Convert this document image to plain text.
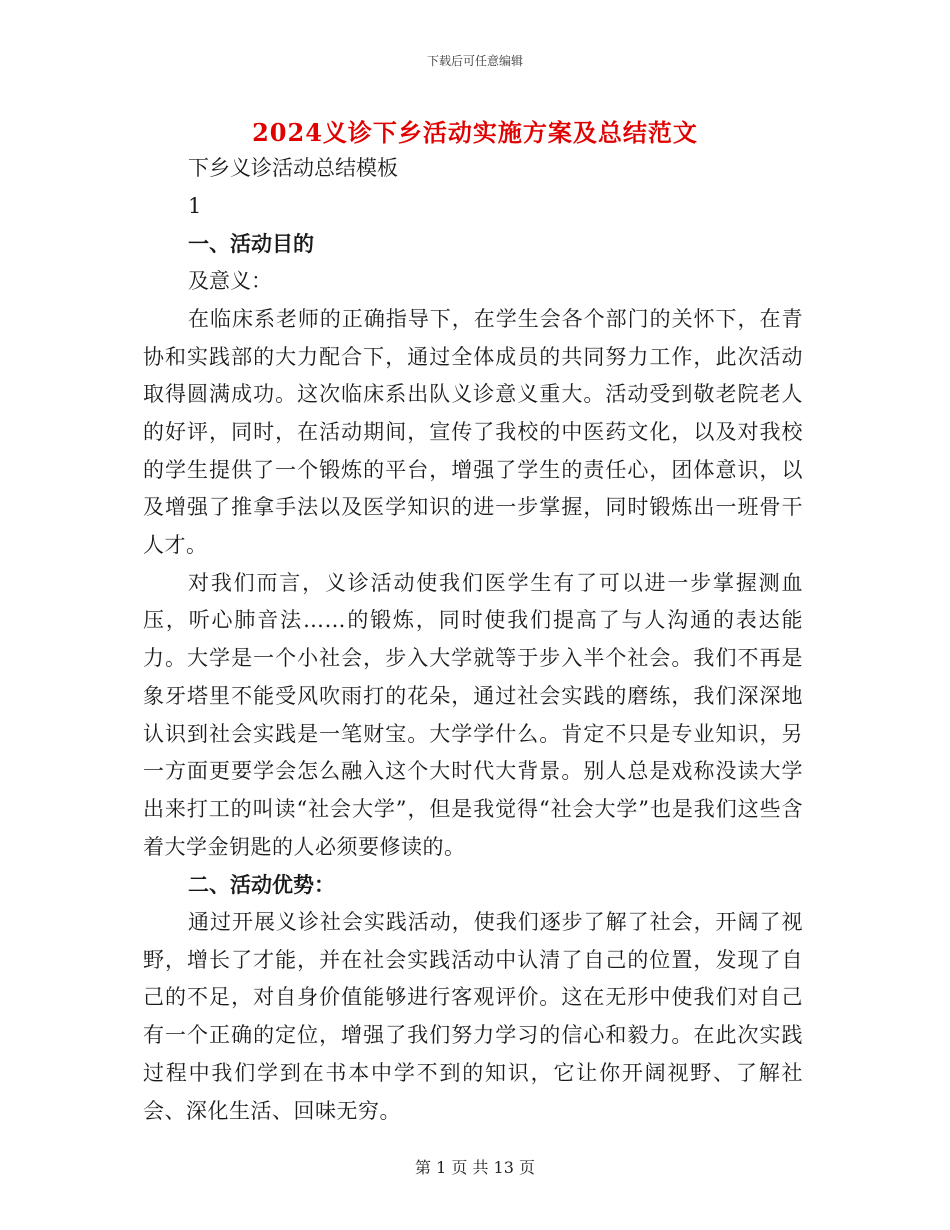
下载后可任意编辑
2024义诊下乡活动实施方案及总结范文
下乡义诊活动总结模板
1
一、活动目的
及意义：

在临床系老师的正确指导下，在学生会各个部门的关怀下，在青协和实践部的大力配合下，通过全体成员的共同努力工作，此次活动取得圆满成功。这次临床系出队义诊意义重大。活动受到敬老院老人的好评，同时，在活动期间，宣传了我校的中医药文化，以及对我校的学生提供了一个锻炼的平台，增强了学生的责任心，团体意识，以及增强了推拿手法以及医学知识的进一步掌握，同时锻炼出一班骨干人才。

对我们而言，义诊活动使我们医学生有了可以进一步掌握测血压，听心肺音法……的锻炼，同时使我们提高了与人沟通的表达能力。大学是一个小社会，步入大学就等于步入半个社会。我们不再是象牙塔里不能受风吹雨打的花朵，通过社会实践的磨练，我们深深地认识到社会实践是一笔财宝。大学学什么。肯定不只是专业知识，另一方面更要学会怎么融入这个大时代大背景。别人总是戏称没读大学出来打工的叫读“社会大学”，但是我觉得“社会大学”也是我们这些含着大学金钥匙的人必须要修读的。

二、活动优势：

通过开展义诊社会实践活动，使我们逐步了解了社会，开阔了视野，增长了才能，并在社会实践活动中认清了自己的位置，发现了自己的不足，对自身价值能够进行客观评价。这在无形中使我们对自己有一个正确的定位，增强了我们努力学习的信心和毅力。在此次实践过程中我们学到在书本中学不到的知识，它让你开阔视野、了解社会、深化生活、回味无穷。

第 1 页 共 13 页
